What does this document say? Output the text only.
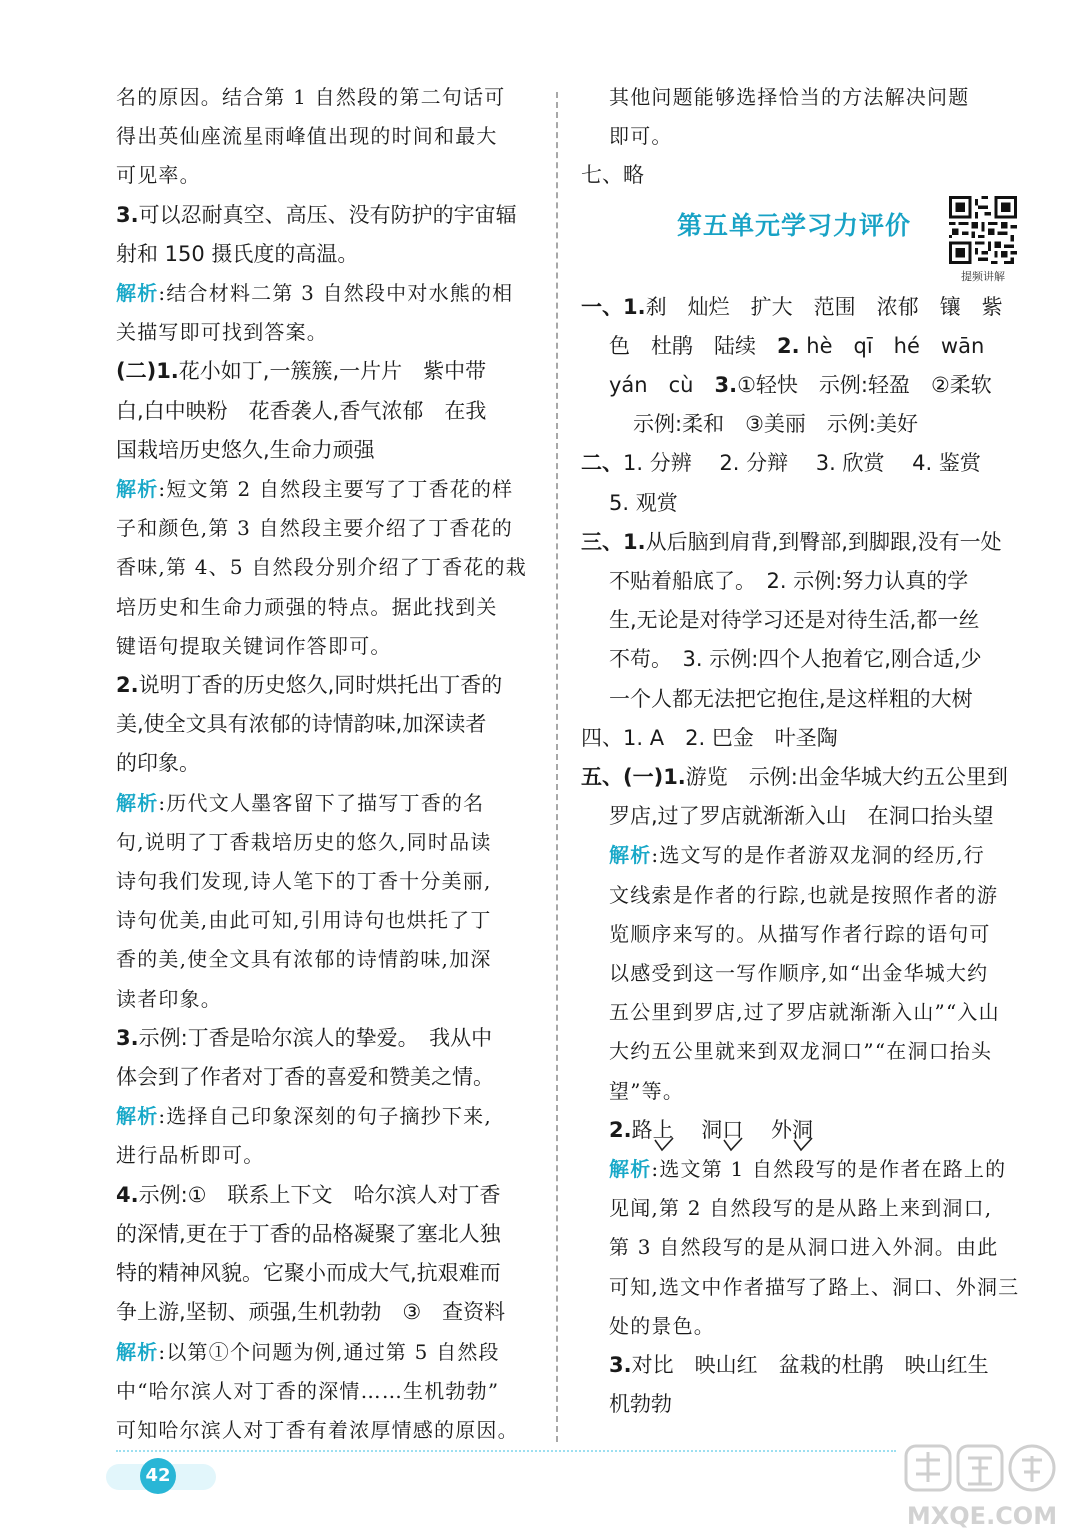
名的原因。结合第 1 自然段的第二句话可

得出英仙座流星雨峰值出现的时间和最大

可见率。

3.可以忍耐真空、高压、没有防护的宇宙辐

射和 150 摄氏度的高温。

解析:结合材料二第 3 自然段中对水熊的相

关描写即可找到答案。

(二)1.花小如丁,一簇簇,一片片　紫中带

白,白中映粉　花香袭人,香气浓郁　在我

国栽培历史悠久,生命力顽强

解析:短文第 2 自然段主要写了丁香花的样

子和颜色,第 3 自然段主要介绍了丁香花的

香味,第 4、5 自然段分别介绍了丁香花的栽

培历史和生命力顽强的特点。据此找到关

键语句提取关键词作答即可。

2.说明丁香的历史悠久,同时烘托出丁香的

美,使全文具有浓郁的诗情韵味,加深读者

的印象。

解析:历代文人墨客留下了描写丁香的名

句,说明了丁香栽培历史的悠久,同时品读

诗句我们发现,诗人笔下的丁香十分美丽,

诗句优美,由此可知,引用诗句也烘托了丁

香的美,使全文具有浓郁的诗情韵味,加深

读者印象。

3.示例:丁香是哈尔滨人的挚爱。　我从中

体会到了作者对丁香的喜爱和赞美之情。

解析:选择自己印象深刻的句子摘抄下来,

进行品析即可。

4.示例:①　联系上下文　哈尔滨人对丁香

的深情,更在于丁香的品格凝聚了塞北人独

特的精神风貌。它聚小而成大气,抗艰难而

争上游,坚韧、顽强,生机勃勃　③　查资料

解析:以第①个问题为例,通过第 5 自然段

中“哈尔滨人对丁香的深情……生机勃勃”

可知哈尔滨人对丁香有着浓厚情感的原因。

其他问题能够选择恰当的方法解决问题

即可。

七、略

第五单元学习力评价
提频讲解

一、1.刹　灿烂　扩大　范围　浓郁　镶　紫

色　杜鹃　陆续　 2. hè　qī　hé　wān

yán　cù　 3.①轻快　示例:轻盈　②柔软

示例:柔和　③美丽　示例:美好

二、1. 分辨　 2. 分辩　 3. 欣赏　 4. 鉴赏

5. 观赏

三、1.从后脑到肩背,到臀部,到脚跟,没有一处

不贴着船底了。　2. 示例:努力认真的学

生,无论是对待学习还是对待生活,都一丝

不苟。　3. 示例:四个人抱着它,刚合适,少

一个人都无法把它抱住,是这样粗的大树

四、1. A　2. 巴金　叶圣陶

五、(一)1.游览　示例:出金华城大约五公里到

罗店,过了罗店就渐渐入山　在洞口抬头望

解析:选文写的是作者游双龙洞的经历,行

文线索是作者的行踪,也就是按照作者的游

览顺序来写的。从描写作者行踪的语句可

以感受到这一写作顺序,如“出金华城大约

五公里到罗店,过了罗店就渐渐入山”“入山

大约五公里就来到双龙洞口”“在洞口抬头

望”等。

2.路上
　 洞口
　 外洞

解析:选文第 1 自然段写的是作者在路上的

见闻,第 2 自然段写的是从路上来到洞口,

第 3 自然段写的是从洞口进入外洞。由此

可知,选文中作者描写了路上、洞口、外洞三

处的景色。

3.对比　映山红　盆栽的杜鹃　映山红生

机勃勃

42
MXQE.COM
